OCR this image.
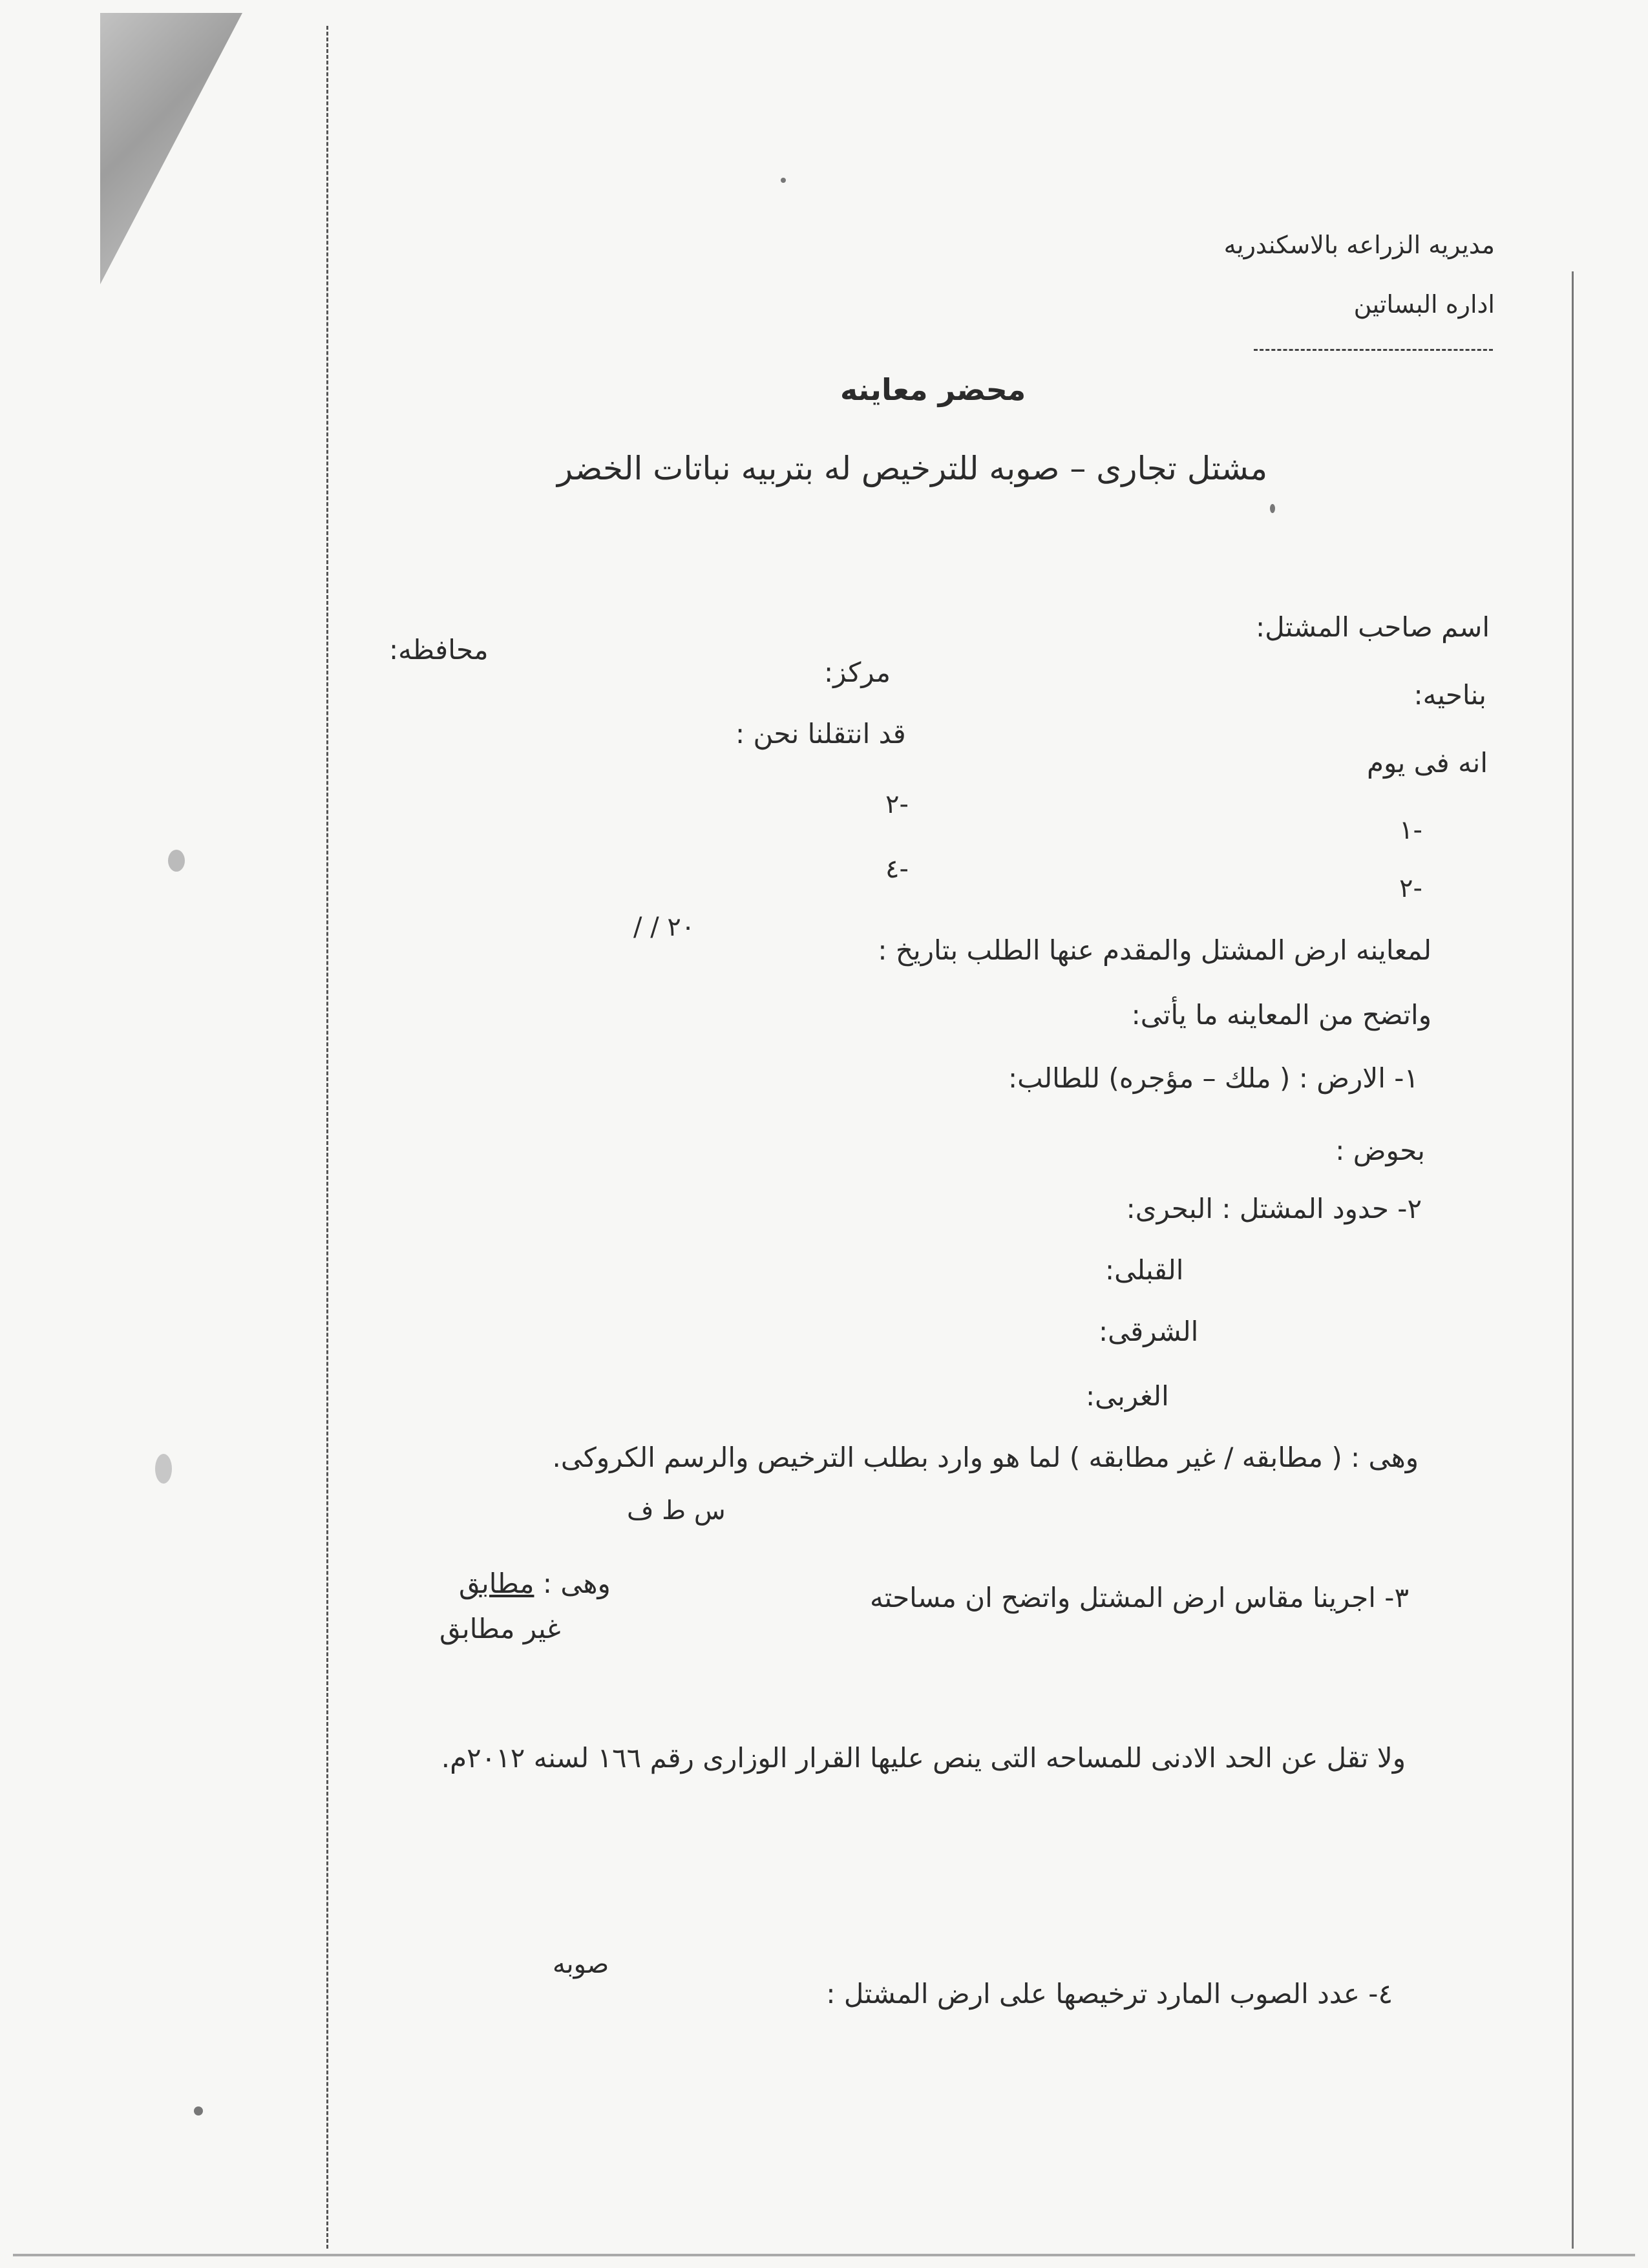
مديريه الزراعه بالاسكندريه
اداره البساتين
محضر معاينه
مشتل تجارى – صوبه للترخيص له بتربيه نباتات الخضر
اسم صاحب المشتل:
محافظه:
مركز:
بناحيه:
قد انتقلنا نحن :
انه فى يوم
٢-
١-
٤-
٢-
لمعاينه ارض المشتل والمقدم عنها الطلب بتاريخ :
/ / ٢٠
واتضح من المعاينه ما يأتى:
١- الارض : ( ملك – مؤجره) للطالب:
بحوض :
٢- حدود المشتل : البحرى:
القبلى:
الشرقى:
الغربى:
وهى : ( مطابقه / غير مطابقه ) لما هو وارد بطلب الترخيص والرسم الكروكى.
س ط ف
٣- اجرينا مقاس ارض المشتل واتضح ان مساحته
وهى : مطابق
غير مطابق
ولا تقل عن الحد الادنى للمساحه التى ينص عليها القرار الوزارى رقم ١٦٦ لسنه ٢٠١٢م.
٤- عدد الصوب المارد ترخيصها على ارض المشتل :
صوبه
